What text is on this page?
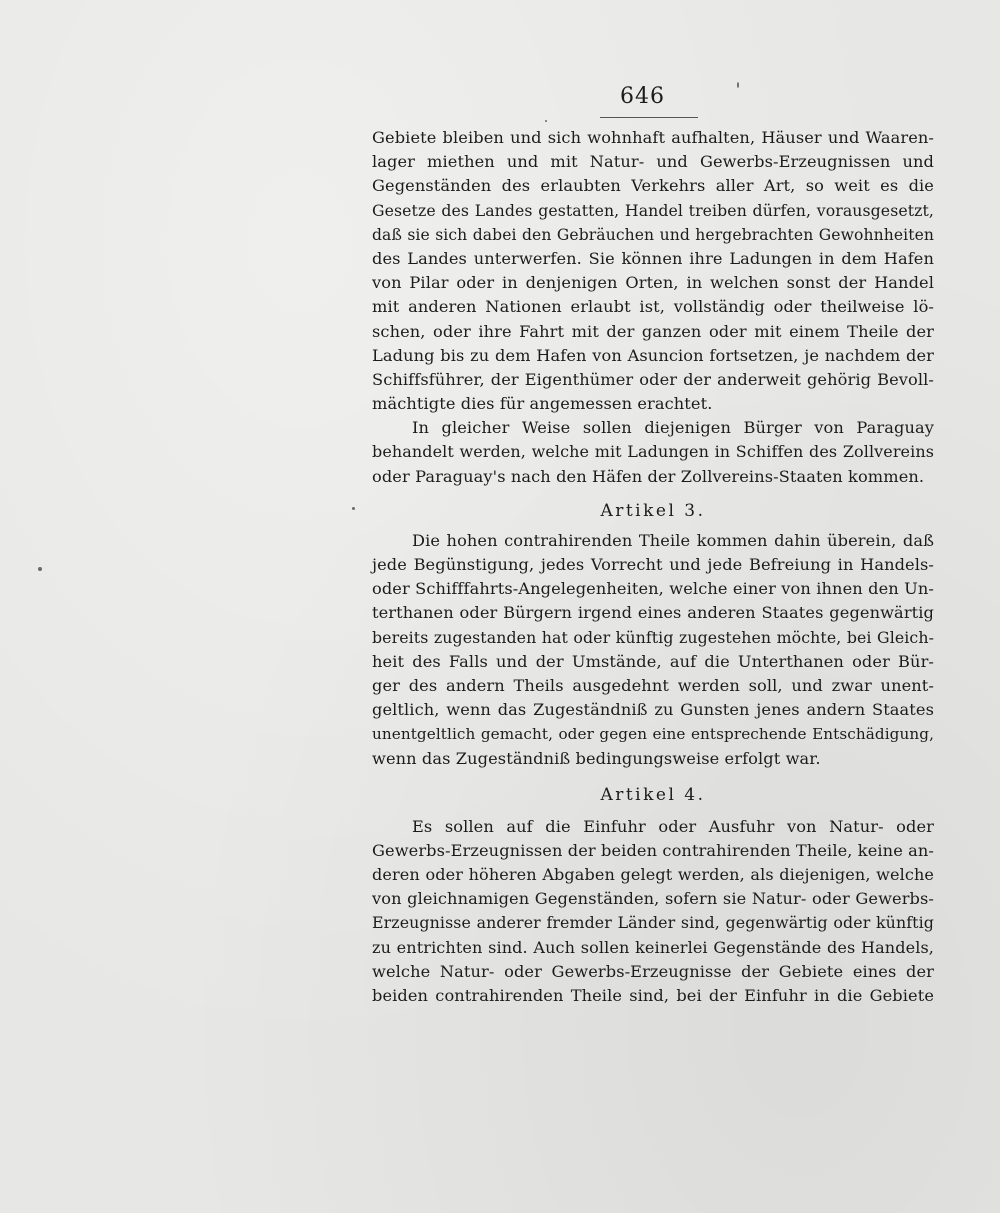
646
Gebiete bleiben und sich wohnhaft aufhalten, Häuser und Waaren-
lager miethen und mit Natur- und Gewerbs-Erzeugnissen und
Gegenständen des erlaubten Verkehrs aller Art, so weit es die
Gesetze des Landes gestatten, Handel treiben dürfen, vorausgesetzt,
daß sie sich dabei den Gebräuchen und hergebrachten Gewohnheiten
des Landes unterwerfen. Sie können ihre Ladungen in dem Hafen
von Pilar oder in denjenigen Orten, in welchen sonst der Handel
mit anderen Nationen erlaubt ist, vollständig oder theilweise lö-
schen, oder ihre Fahrt mit der ganzen oder mit einem Theile der
Ladung bis zu dem Hafen von Asuncion fortsetzen, je nachdem der
Schiffsführer, der Eigenthümer oder der anderweit gehörig Bevoll-
mächtigte dies für angemessen erachtet.
In gleicher Weise sollen diejenigen Bürger von Paraguay
behandelt werden, welche mit Ladungen in Schiffen des Zollvereins
oder Paraguay's nach den Häfen der Zollvereins-Staaten kommen.
Artikel 3.
Die hohen contrahirenden Theile kommen dahin überein, daß
jede Begünstigung, jedes Vorrecht und jede Befreiung in Handels-
oder Schifffahrts-Angelegenheiten, welche einer von ihnen den Un-
terthanen oder Bürgern irgend eines anderen Staates gegenwärtig
bereits zugestanden hat oder künftig zugestehen möchte, bei Gleich-
heit des Falls und der Umstände, auf die Unterthanen oder Bür-
ger des andern Theils ausgedehnt werden soll, und zwar unent-
geltlich, wenn das Zugeständniß zu Gunsten jenes andern Staates
unentgeltlich gemacht, oder gegen eine entsprechende Entschädigung,
wenn das Zugeständniß bedingungsweise erfolgt war.
Artikel 4.
Es sollen auf die Einfuhr oder Ausfuhr von Natur- oder
Gewerbs-Erzeugnissen der beiden contrahirenden Theile, keine an-
deren oder höheren Abgaben gelegt werden, als diejenigen, welche
von gleichnamigen Gegenständen, sofern sie Natur- oder Gewerbs-
Erzeugnisse anderer fremder Länder sind, gegenwärtig oder künftig
zu entrichten sind. Auch sollen keinerlei Gegenstände des Handels,
welche Natur- oder Gewerbs-Erzeugnisse der Gebiete eines der
beiden contrahirenden Theile sind, bei der Einfuhr in die Gebiete
